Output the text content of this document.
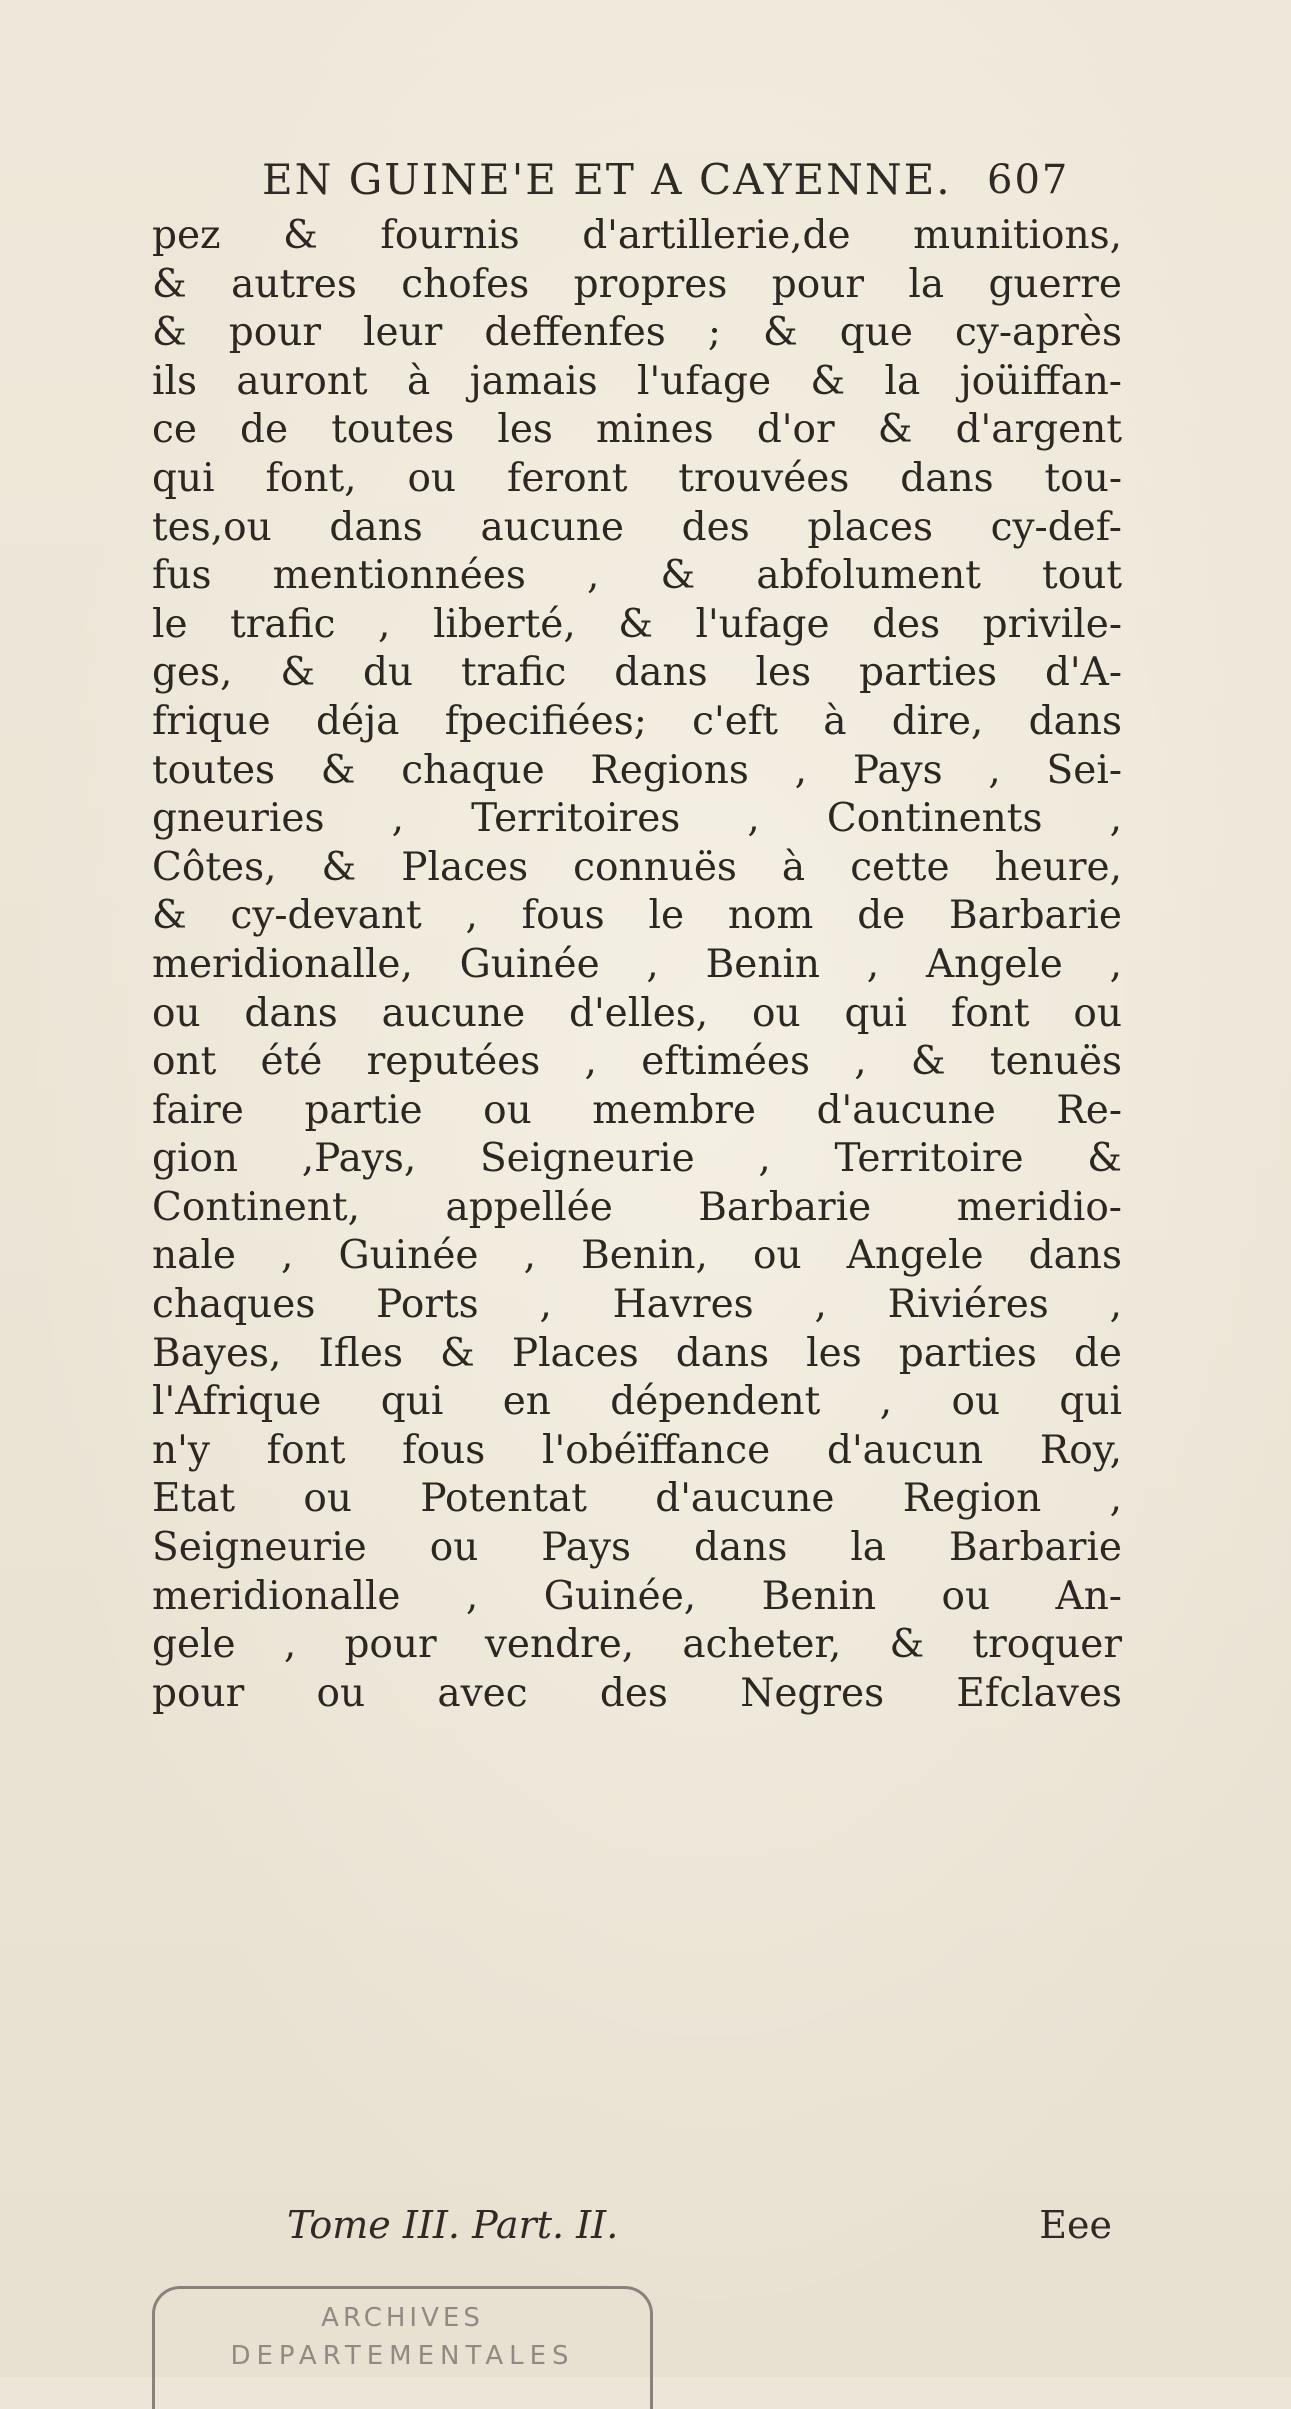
EN GUINE'E ET A CAYENNE. 607
pez & fournis d'artillerie,de munitions,
& autres chofes propres pour la guerre
& pour leur deffenfes ; & que cy-après
ils auront à jamais l'ufage & la joüiffan-
ce de toutes les mines d'or & d'argent
qui font, ou feront trouvées dans tou-
tes,ou dans aucune des places cy-def-
fus mentionnées , & abfolument tout
le trafic , liberté, & l'ufage des privile-
ges, & du trafic dans les parties d'A-
frique déja fpecifiées; c'eft à dire, dans
toutes & chaque Regions , Pays , Sei-
gneuries , Territoires , Continents ,
Côtes, & Places connuës à cette heure,
& cy-devant , fous le nom de Barbarie
meridionalle, Guinée , Benin , Angele ,
ou dans aucune d'elles, ou qui font ou
ont été reputées , eftimées , & tenuës
faire partie ou membre d'aucune Re-
gion ,Pays, Seigneurie , Territoire &
Continent, appellée Barbarie meridio-
nale , Guinée , Benin, ou Angele dans
chaques Ports , Havres , Riviéres ,
Bayes, Ifles & Places dans les parties de
l'Afrique qui en dépendent , ou qui
n'y font fous l'obéïffance d'aucun Roy,
Etat ou Potentat d'aucune Region ,
Seigneurie ou Pays dans la Barbarie
meridionalle , Guinée, Benin ou An-
gele , pour vendre, acheter, & troquer
pour ou avec des Negres Efclaves
Tome III. Part. II.	Eee
ARCHIVES
DEPARTEMENTALES
